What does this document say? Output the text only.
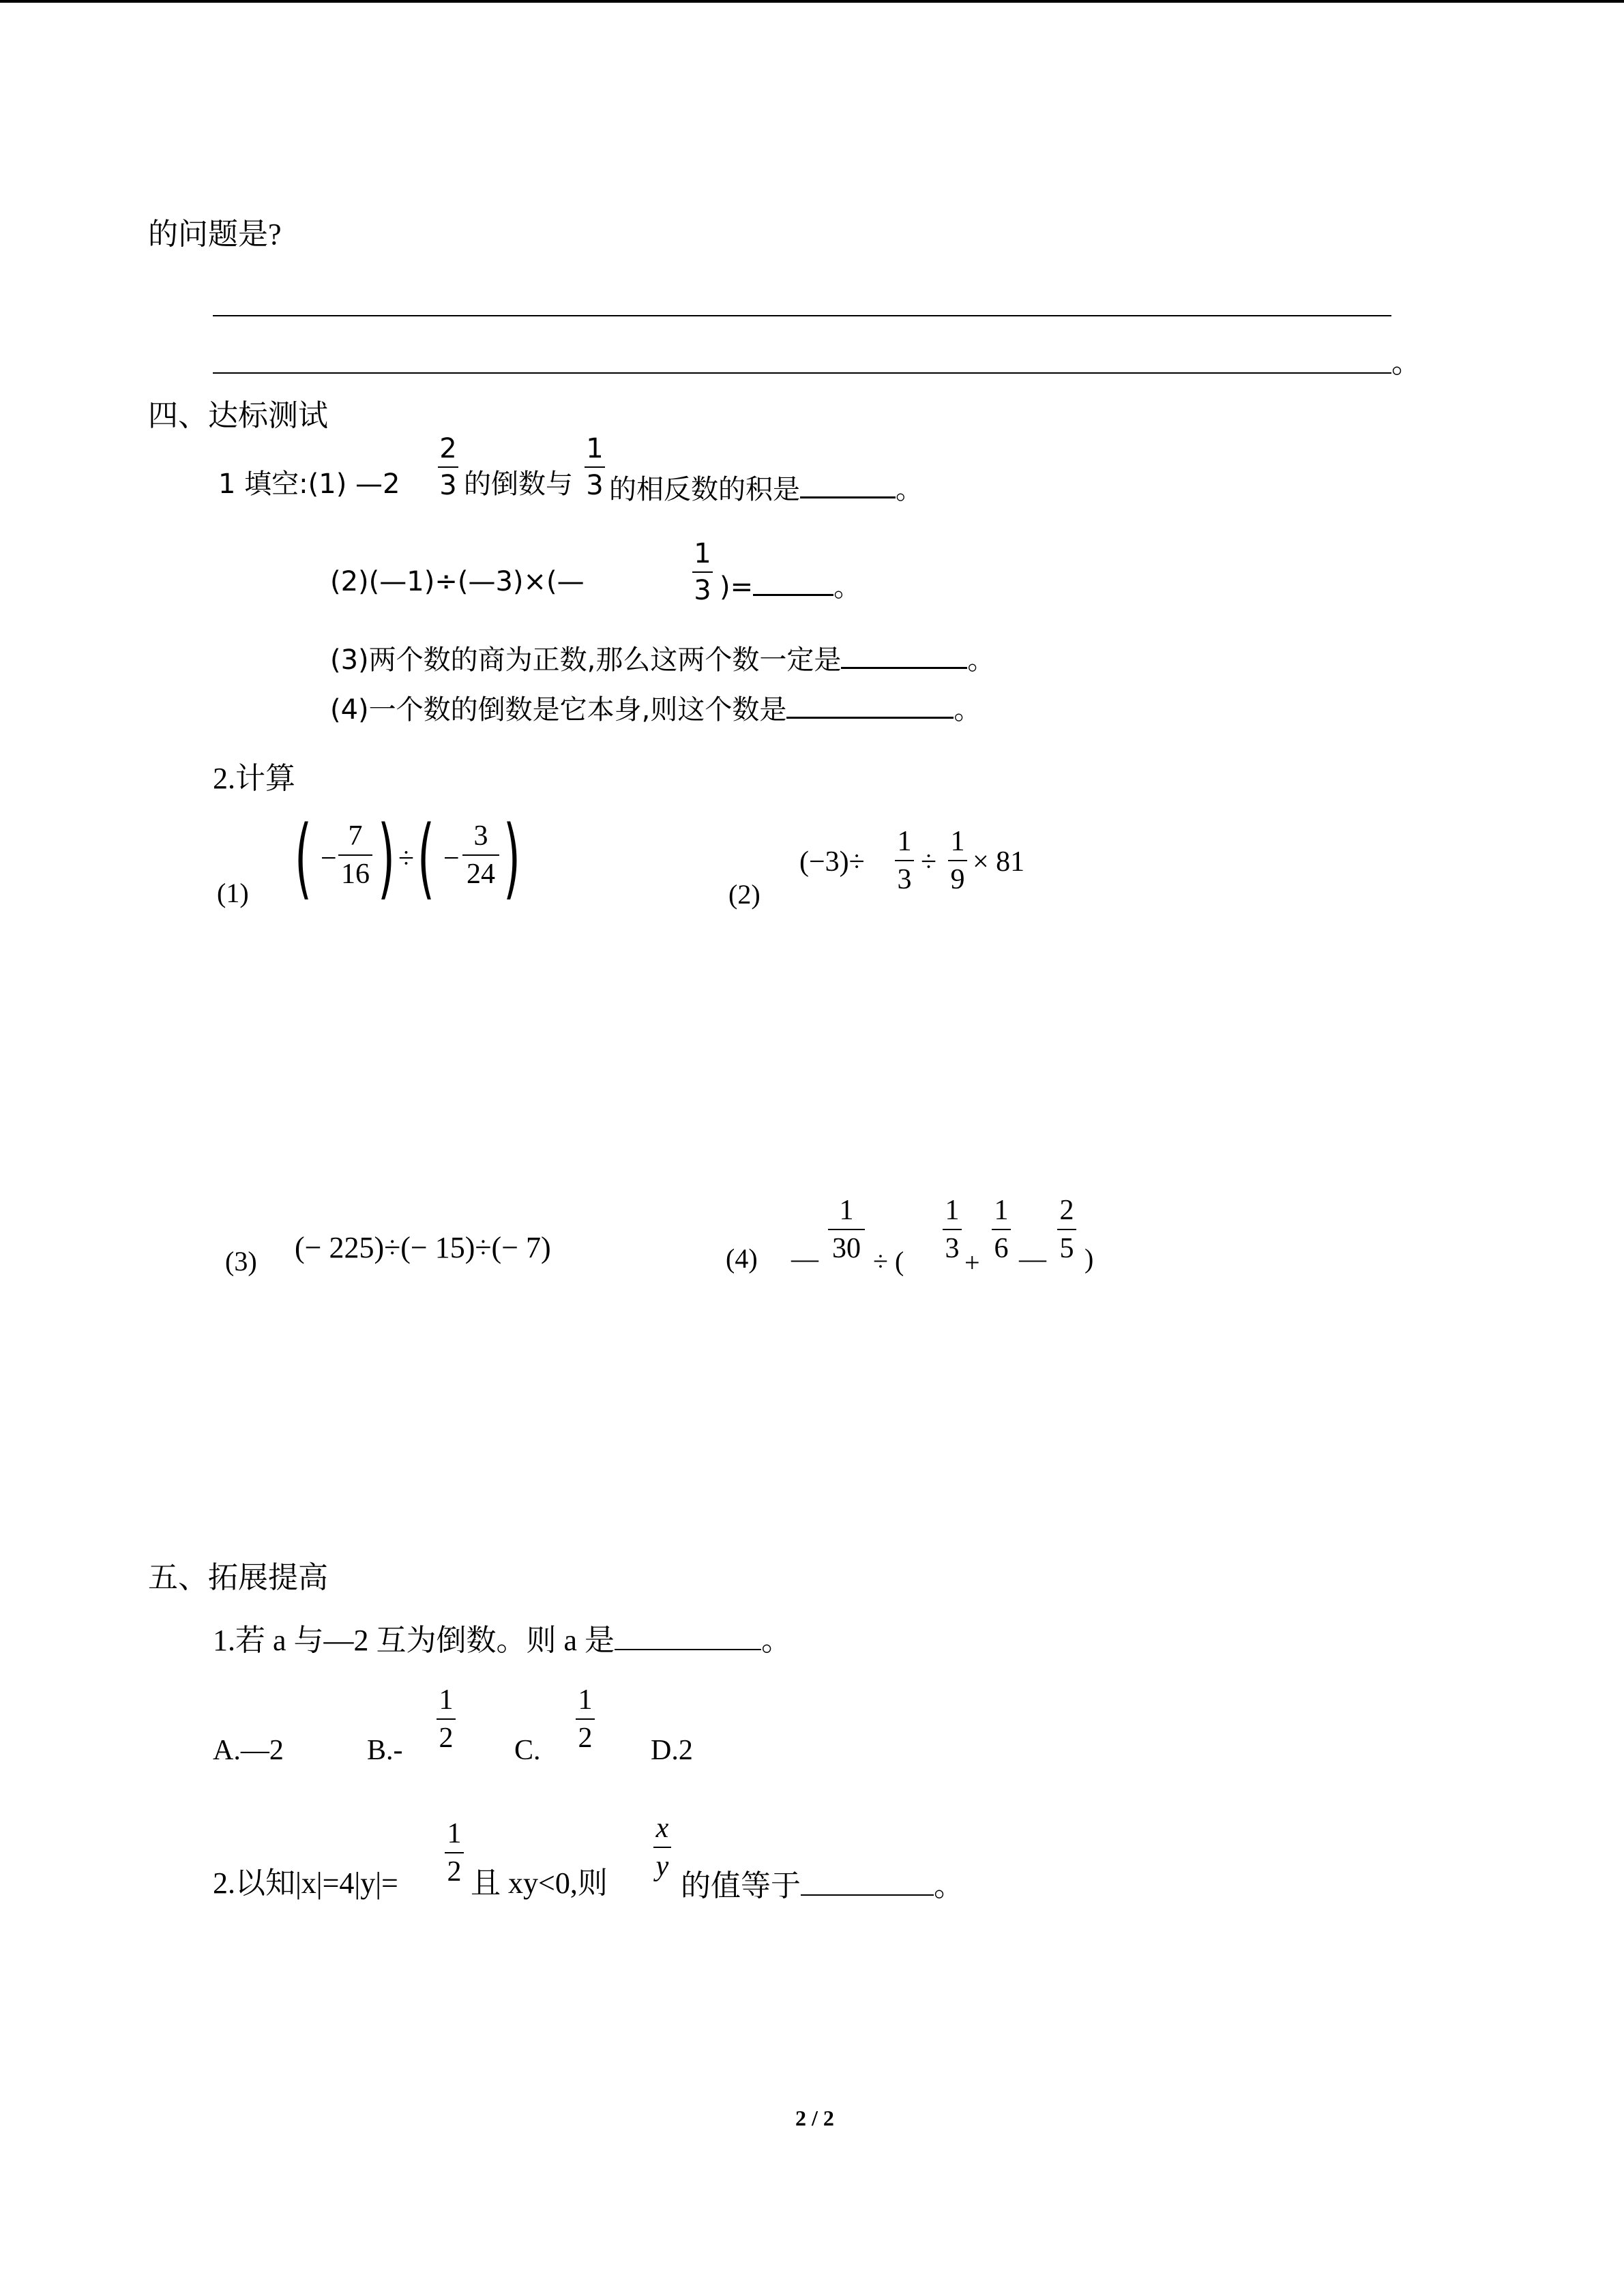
的问题是?
。
四、达标测试
1 填空:(1) —2
2
3 的倒数与
1
3 的相反数的积是	。
(2)(—1)÷(—3)×(—
1
3 )=	。
(3)两个数的商为正数,那么这两个数一定是	。
(4)一个数的倒数是它本身,则这个数是	。
2.计算
(1) ( −
7
16 ) ÷ ( −
3
24 )	(2)
(−3)÷
1
3
÷
1
9
× 81
(3) (− 225)÷(− 15)÷(− 7)	(4) —
1
30 ÷ (
1
3 +
1
6 —
2
5 )
五、拓展提高
1.若 a 与—2 互为倒数。则 a 是	。
A.—2	B.-
1
2 C.
1
2 D.2
2.以知|x|=4|y|=
1
2 且 xy<0,则
x
y
的值等于	。
2 / 2
